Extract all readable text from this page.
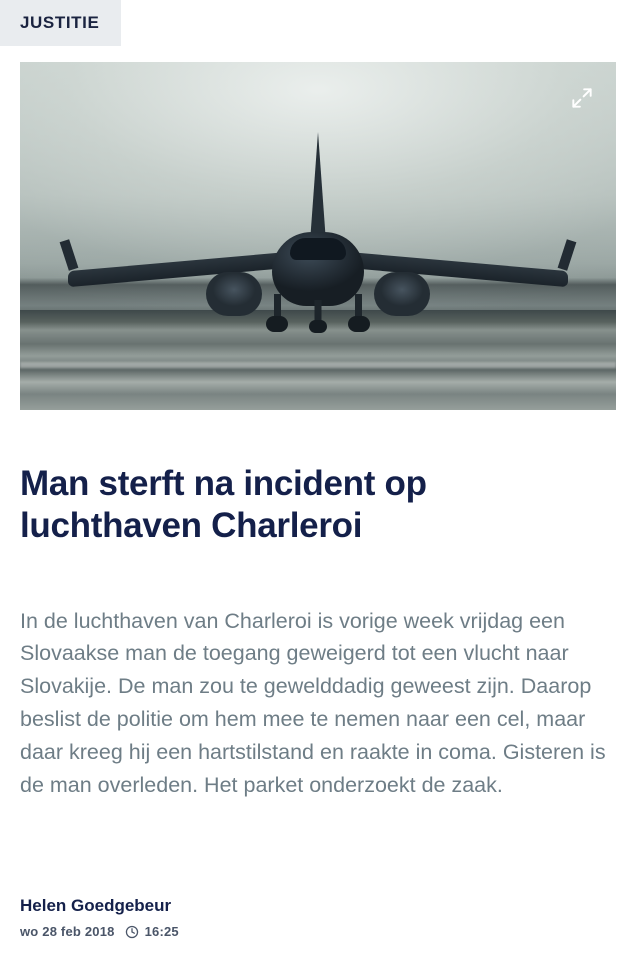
JUSTITIE
Man sterft na incident op luchthaven Charleroi

In de luchthaven van Charleroi is vorige week vrijdag een Slovaakse man de toegang geweigerd tot een vlucht naar Slovakije. De man zou te gewelddadig geweest zijn. Daarop beslist de politie om hem mee te nemen naar een cel, maar daar kreeg hij een hartstilstand en raakte in coma. Gisteren is de man overleden. Het parket onderzoekt de zaak.

Helen Goedgebeur
wo 28 feb 2018 16:25
